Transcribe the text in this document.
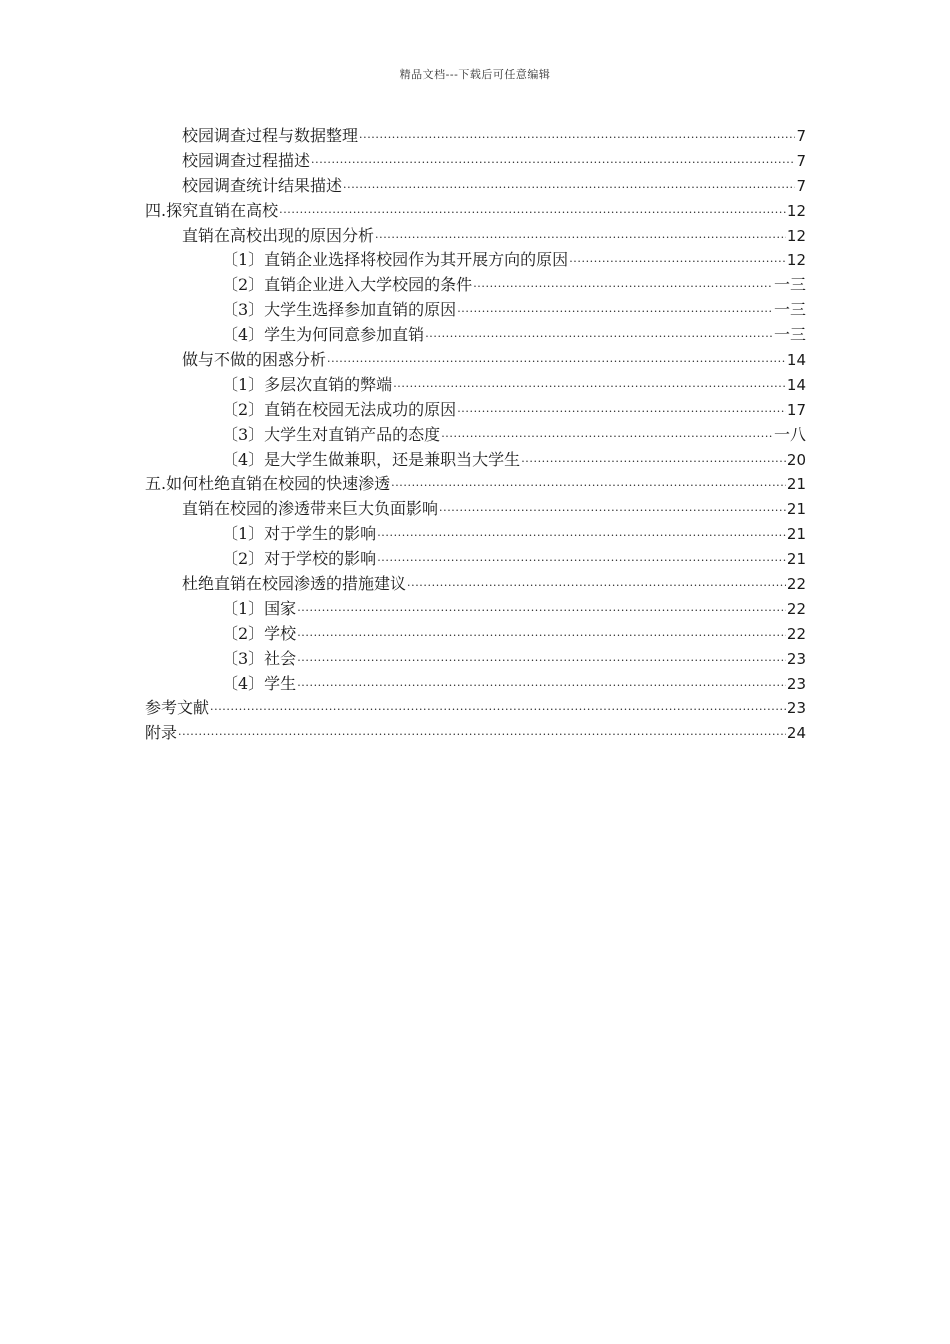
精品文档---下载后可任意编辑
校园调查过程与数据整理 ·····	7
校园调查过程描述 ·····	7
校园调查统计结果描述 ·····	7
四.探究直销在高校 ·····	12
直销在高校出现的原因分析 ·····	12
〔1〕直销企业选择将校园作为其开展方向的原因 ·····	12
〔2〕直销企业进入大学校园的条件 ·····	一三
〔3〕大学生选择参加直销的原因 ·····	一三
〔4〕学生为何同意参加直销 ·····	一三
做与不做的困惑分析 ·····	14
〔1〕多层次直销的弊端 ·····	14
〔2〕直销在校园无法成功的原因 ·····	17
〔3〕大学生对直销产品的态度 ·····	一八
〔4〕是大学生做兼职，还是兼职当大学生 ·····	20
五.如何杜绝直销在校园的快速渗透 ·····	21
直销在校园的渗透带来巨大负面影响 ·····	21
〔1〕对于学生的影响 ·····	21
〔2〕对于学校的影响 ·····	21
杜绝直销在校园渗透的措施建议 ·····	22
〔1〕国家 ·····	22
〔2〕学校 ·····	22
〔3〕社会 ·····	23
〔4〕学生 ·····	23
参考文献 ·····	23
附录 ·····	24
